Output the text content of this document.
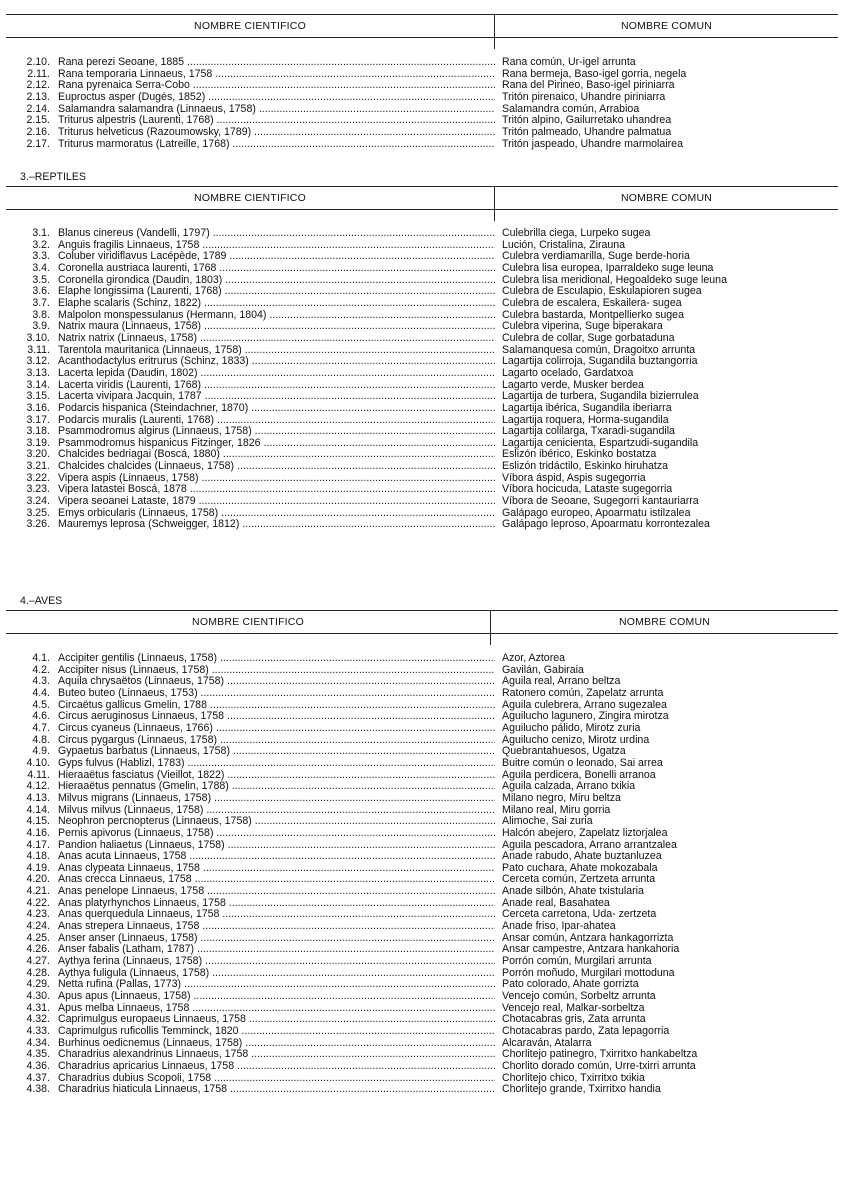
NOMBRE CIENTIFICO	NOMBRE COMUN
2.10. Rana perezi Seoane, 1885 .....	Rana común, Ur-igel arrunta
2.11. Rana temporaria Linnaeus, 1758 .....	Rana bermeja, Baso-igel gorria, negela
2.12. Rana pyrenaica Serra-Cobo .....	Rana del Pirineo, Baso-igel piriniarra
2.13. Euproctus asper (Dugés, 1852) .....	Tritón pirenaico, Uhandre piriniarra
2.14. Salamandra salamandra (Linnaeus, 1758) .....	Salamandra común, Arrabioa
2.15. Triturus alpestris (Laurenti, 1768) .....	Tritón alpino, Gailurretako uhandrea
2.16. Triturus helveticus (Razoumowsky, 1789) .....	Tritón palmeado, Uhandre palmatua
2.17. Triturus marmoratus (Latreille, 1768) .....	Tritón jaspeado, Uhandre marmolairea
3.–REPTILES
NOMBRE CIENTIFICO	NOMBRE COMUN
3.1. Blanus cinereus (Vandelli, 1797) .....	Culebrilla ciega, Lurpeko sugea
3.2. Anguis fragilis Linnaeus, 1758 .....	Lución, Cristalina, Zirauna
3.3. Coluber viridiflavus Lacépède, 1789 .....	Culebra verdiamarilla, Suge berde-horia
3.4. Coronella austriaca laurenti, 1768 .....	Culebra lisa europea, Iparraldeko suge leuna
3.5. Coronella girondica (Daudin, 1803) .....	Culebra lisa meridional, Hegoaldeko suge leuna
3.6. Elaphe longissima (Laurenti, 1768) .....	Culebra de Esculapio, Eskulapioren sugea
3.7. Elaphe scalaris (Schinz, 1822) .....	Culebra de escalera, Eskailera- sugea
3.8. Malpolon monspessulanus (Hermann, 1804) .....	Culebra bastarda, Montpellierko sugea
3.9. Natrix maura (Linnaeus, 1758) .....	Culebra viperina, Suge biperakara
3.10. Natrix natrix (Linnaeus, 1758) .....	Culebra de collar, Suge gorbataduna
3.11. Tarentola mauritanica (Linnaeus, 1758) .....	Salamanquesa común, Dragoitxo arrunta
3.12. Acanthodactylus eritrurus (Schinz, 1833) .....	Lagartija colirroja, Sugandila buztangorria
3.13. Lacerta lepida (Daudin, 1802) .....	Lagarto ocelado, Gardatxoa
3.14. Lacerta viridis (Laurenti, 1768) .....	Lagarto verde, Musker berdea
3.15. Lacerta vivipara Jacquin, 1787 .....	Lagartija de turbera, Sugandila bizierrulea
3.16. Podarcis hispanica (Steindachner, 1870) .....	Lagartija ibérica, Sugandila iberiarra
3.17. Podarcis muralis (Laurenti, 1768) .....	Lagartija roquera, Horma-sugandila
3.18. Psammodromus algirus (Linnaeus, 1758) .....	Lagartija colilarga, Txaradi-sugandila
3.19. Psammodromus hispanicus Fitzinger, 1826 .....	Lagartija cenicienta, Espartzudi-sugandila
3.20. Chalcides bedriagai (Boscá, 1880) .....	Eslizón ibérico, Eskinko bostatza
3.21. Chalcides chalcides (Linnaeus, 1758) .....	Eslizón tridáctilo, Eskinko hiruhatza
3.22. Vipera aspis (Linnaeus, 1758) .....	Víbora áspid, Aspis sugegorria
3.23. Vipera latastei Boscá, 1878 .....	Víbora hocicuda, Lataste sugegorria
3.24. Vipera seoanei Lataste, 1879 .....	Víbora de Seoane, Sugegorri kantauriarra
3.25. Emys orbicularis (Linnaeus, 1758) .....	Galápago europeo, Apoarmatu istilzalea
3.26. Mauremys leprosa (Schweigger, 1812) .....	Galápago leproso, Apoarmatu korrontezalea
4.–AVES
NOMBRE CIENTIFICO	NOMBRE COMUN
4.1. Accipiter gentilis (Linnaeus, 1758) .....	Azor, Aztorea
4.2. Accipiter nisus (Linnaeus, 1758) .....	Gavilán, Gabiraia
4.3. Aquila chrysaëtos (Linnaeus, 1758) .....	Aguila real, Arrano beltza
4.4. Buteo buteo (Linnaeus, 1753) .....	Ratonero común, Zapelatz arrunta
4.5. Circaëtus gallicus Gmelin, 1788 .....	Aguila culebrera, Arrano sugezalea
4.6. Circus aeruginosus Linnaeus, 1758 .....	Aguilucho lagunero, Zingira mirotza
4.7. Circus cyaneus (Linnaeus, 1766) .....	Aguilucho pálido, Mirotz zuria
4.8. Circus pygargus (Linnaeus, 1758) .....	Aguilucho cenizo, Mirotz urdina
4.9. Gypaetus barbatus (Linnaeus, 1758) .....	Quebrantahuesos, Ugatza
4.10. Gyps fulvus (Hablizl, 1783) .....	Buitre común o leonado, Sai arrea
4.11. Hieraaëtus fasciatus (Vieillot, 1822) .....	Aguila perdicera, Bonelli arranoa
4.12. Hieraaëtus pennatus (Gmelin, 1788) .....	Aguila calzada, Arrano txikia
4.13. Milvus migrans (Linnaeus, 1758) .....	Milano negro, Miru beltza
4.14. Milvus milvus (Linnaeus, 1758) .....	Milano real, Miru gorria
4.15. Neophron percnopterus (Linnaeus, 1758) .....	Alimoche, Sai zuria
4.16. Pernis apivorus (Linnaeus, 1758) .....	Halcón abejero, Zapelatz liztorjalea
4.17. Pandion haliaetus (Linnaeus, 1758) .....	Aguila pescadora, Arrano arrantzalea
4.18. Anas acuta Linnaeus, 1758 .....	Anade rabudo, Ahate buztanluzea
4.19. Anas clypeata Linnaeus, 1758 .....	Pato cuchara, Ahate mokozabala
4.20. Anas crecca Linnaeus, 1758 .....	Cerceta común, Zertzeta arrunta
4.21. Anas penelope Linnaeus, 1758 .....	Anade silbón, Ahate txistularia
4.22. Anas platyrhynchos Linnaeus, 1758 .....	Anade real, Basahatea
4.23. Anas querquedula Linnaeus, 1758 .....	Cerceta carretona, Uda- zertzeta
4.24. Anas strepera Linnaeus, 1758 .....	Anade friso, Ipar-ahatea
4.25. Anser anser (Linnaeus, 1758) .....	Ansar común, Antzara hankagorrizta
4.26. Anser fabalis (Latham, 1787) .....	Ansar campestre, Antzara hankahoria
4.27. Aythya ferina (Linnaeus, 1758) .....	Porrón común, Murgilari arrunta
4.28. Aythya fuligula (Linnaeus, 1758) .....	Porrón moñudo, Murgilari mottoduna
4.29. Netta rufina (Pallas, 1773) .....	Pato colorado, Ahate gorrizta
4.30. Apus apus (Linnaeus, 1758) .....	Vencejo común, Sorbeltz arrunta
4.31. Apus melba Linnaeus, 1758 .....	Vencejo real, Malkar-sorbeltza
4.32. Caprimulgus europaeus Linnaeus, 1758 .....	Chotacabras gris, Zata arrunta
4.33. Caprimulgus ruficollis Temminck, 1820 .....	Chotacabras pardo, Zata lepagorria
4.34. Burhinus oedicnemus (Linnaeus, 1758) .....	Alcaraván, Atalarra
4.35. Charadrius alexandrinus Linnaeus, 1758 .....	Chorlitejo patinegro, Txirritxo hankabeltza
4.36. Charadrius apricarius Linnaeus, 1758 .....	Chorlito dorado común, Urre-txirri arrunta
4.37. Charadrius dubius Scopoli, 1758 .....	Chorlitejo chico, Txirritxo txikia
4.38. Charadrius hiaticula Linnaeus, 1758 .....	Chorlitejo grande, Txirritxo handia
